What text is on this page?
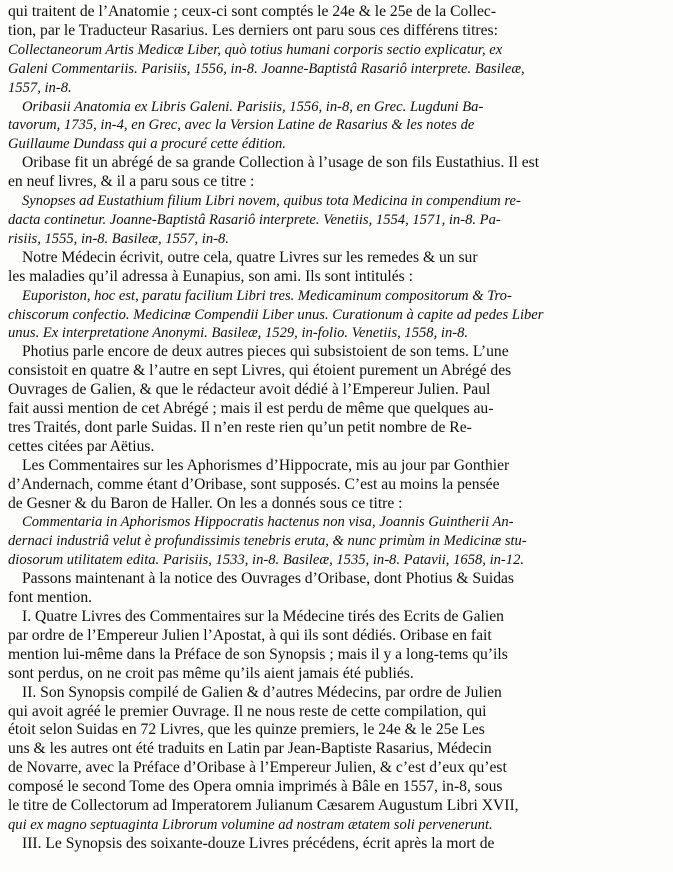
qui traitent de l’Anatomie ; ceux-ci sont comptés le 24e & le 25e de la Collec-
tion, par le Traducteur Rasarius. Les derniers ont paru sous ces différens titres:
Collectaneorum Artis Medicæ Liber, quò totius humani corporis sectio explicatur, ex
Galeni Commentariis. Parisiis, 1556, in-8. Joanne-Baptistâ Rasariô interprete. Basileæ,
1557, in-8.
Oribasii Anatomia ex Libris Galeni. Parisiis, 1556, in-8, en Grec. Lugduni Ba-
tavorum, 1735, in-4, en Grec, avec la Version Latine de Rasarius & les notes de
Guillaume Dundass qui a procuré cette édition.
Oribase fit un abrégé de sa grande Collection à l’usage de son fils Eustathius. Il est
en neuf livres, & il a paru sous ce titre :
Synopses ad Eustathium filium Libri novem, quibus tota Medicina in compendium re-
dacta continetur. Joanne-Baptistâ Rasariô interprete. Venetiis, 1554, 1571, in-8. Pa-
risiis, 1555, in-8. Basileæ, 1557, in-8.
Notre Médecin écrivit, outre cela, quatre Livres sur les remedes & un sur
les maladies qu’il adressa à Eunapius, son ami. Ils sont intitulés :
Euporiston, hoc est, paratu facilium Libri tres. Medicaminum compositorum & Tro-
chiscorum confectio. Medicinæ Compendii Liber unus. Curationum à capite ad pedes Liber
unus. Ex interpretatione Anonymi. Basileæ, 1529, in-folio. Venetiis, 1558, in-8.
Photius parle encore de deux autres pieces qui subsistoient de son tems. L’une
consistoit en quatre & l’autre en sept Livres, qui étoient purement un Abrégé des
Ouvrages de Galien, & que le rédacteur avoit dédié à l’Empereur Julien. Paul
fait aussi mention de cet Abrégé ; mais il est perdu de même que quelques au-
tres Traités, dont parle Suidas. Il n’en reste rien qu’un petit nombre de Re-
cettes citées par Aëtius.
Les Commentaires sur les Aphorismes d’Hippocrate, mis au jour par Gonthier
d’Andernach, comme étant d’Oribase, sont supposés. C’est au moins la pensée
de Gesner & du Baron de Haller. On les a donnés sous ce titre :
Commentaria in Aphorismos Hippocratis hactenus non visa, Joannis Guintherii An-
dernaci industriâ velut è profundissimis tenebris eruta, & nunc primùm in Medicinæ stu-
diosorum utilitatem edita. Parisiis, 1533, in-8. Basileæ, 1535, in-8. Patavii, 1658, in-12.
Passons maintenant à la notice des Ouvrages d’Oribase, dont Photius & Suidas
font mention.
I. Quatre Livres des Commentaires sur la Médecine tirés des Ecrits de Galien
par ordre de l’Empereur Julien l’Apostat, à qui ils sont dédiés. Oribase en fait
mention lui-même dans la Préface de son Synopsis ; mais il y a long-tems qu’ils
sont perdus, on ne croit pas même qu’ils aient jamais été publiés.
II. Son Synopsis compilé de Galien & d’autres Médecins, par ordre de Julien
qui avoit agréé le premier Ouvrage. Il ne nous reste de cette compilation, qui
étoit selon Suidas en 72 Livres, que les quinze premiers, le 24e & le 25e Les
uns & les autres ont été traduits en Latin par Jean-Baptiste Rasarius, Médecin
de Novarre, avec la Préface d’Oribase à l’Empereur Julien, & c’est d’eux qu’est
composé le second Tome des Opera omnia imprimés à Bâle en 1557, in-8, sous
le titre de Collectorum ad Imperatorem Julianum Cæsarem Augustum Libri XVII,
qui ex magno septuaginta Librorum volumine ad nostram ætatem soli pervenerunt.
III. Le Synopsis des soixante-douze Livres précédens, écrit après la mort de
